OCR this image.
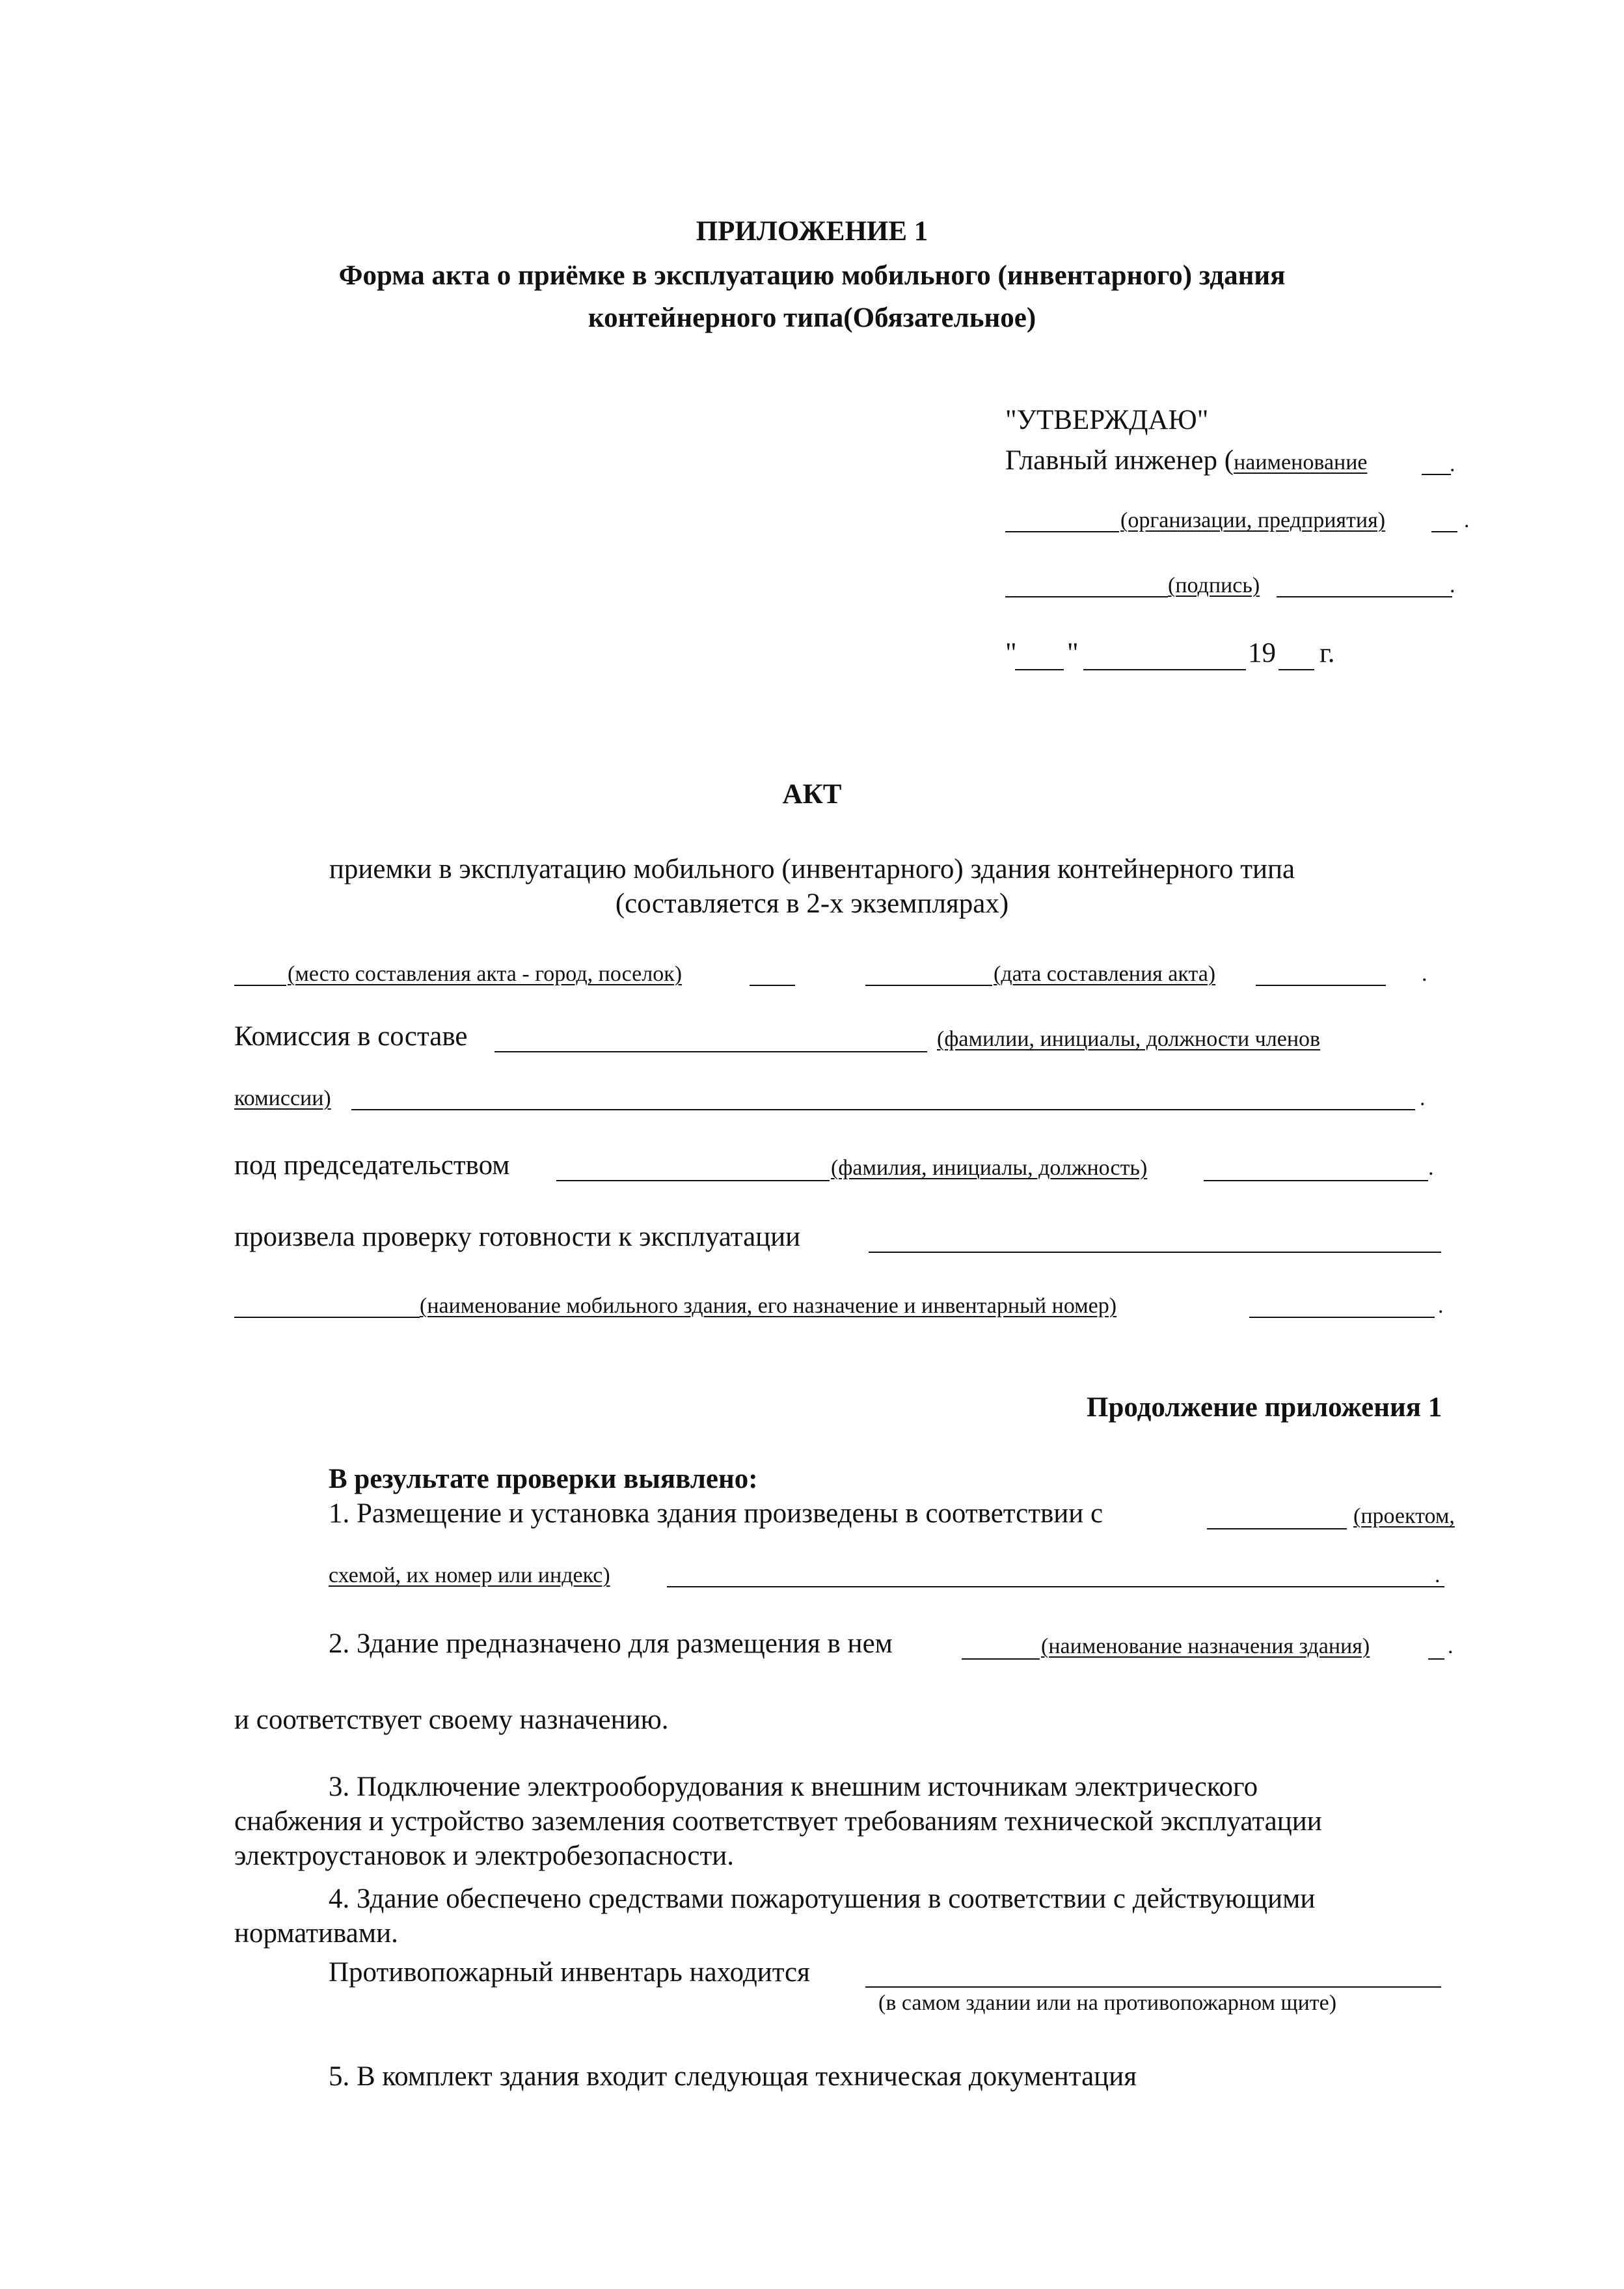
ПРИЛОЖЕНИЕ 1
Форма акта о приёмке в эксплуатацию мобильного (инвентарного) здания
контейнерного типа(Обязательное)
"УТВЕРЖДАЮ"
Главный инженер (наименование	.
(организации, предприятия)	.
(подпись)	.
" "	19 г.
АКТ
приемки в эксплуатацию мобильного (инвентарного) здания контейнерного типа
(составляется в 2-х экземплярах)
(место составления акта - город, поселок)	(дата составления акта)	.
Комиссия в составе	(фамилии, инициалы, должности членов
комиссии)	.
под председательством	(фамилия, инициалы, должность)	.
произвела проверку готовности к эксплуатации
(наименование мобильного здания, его назначение и инвентарный номер)	.
Продолжение приложения 1
В результате проверки выявлено:
1. Размещение и установка здания произведены в соответствии с	(проектом,
схемой, их номер или индекс)	.
2. Здание предназначено для размещения в нем	(наименование назначения здания)	.
и соответствует своему назначению.
3. Подключение электрооборудования к внешним источникам электрического
снабжения и устройство заземления соответствует требованиям технической эксплуатации
электроустановок и электробезопасности.
4. Здание обеспечено средствами пожаротушения в соответствии с действующими
нормативами.
Противопожарный инвентарь находится
(в самом здании или на противопожарном щите)
5. В комплект здания входит следующая техническая документация
